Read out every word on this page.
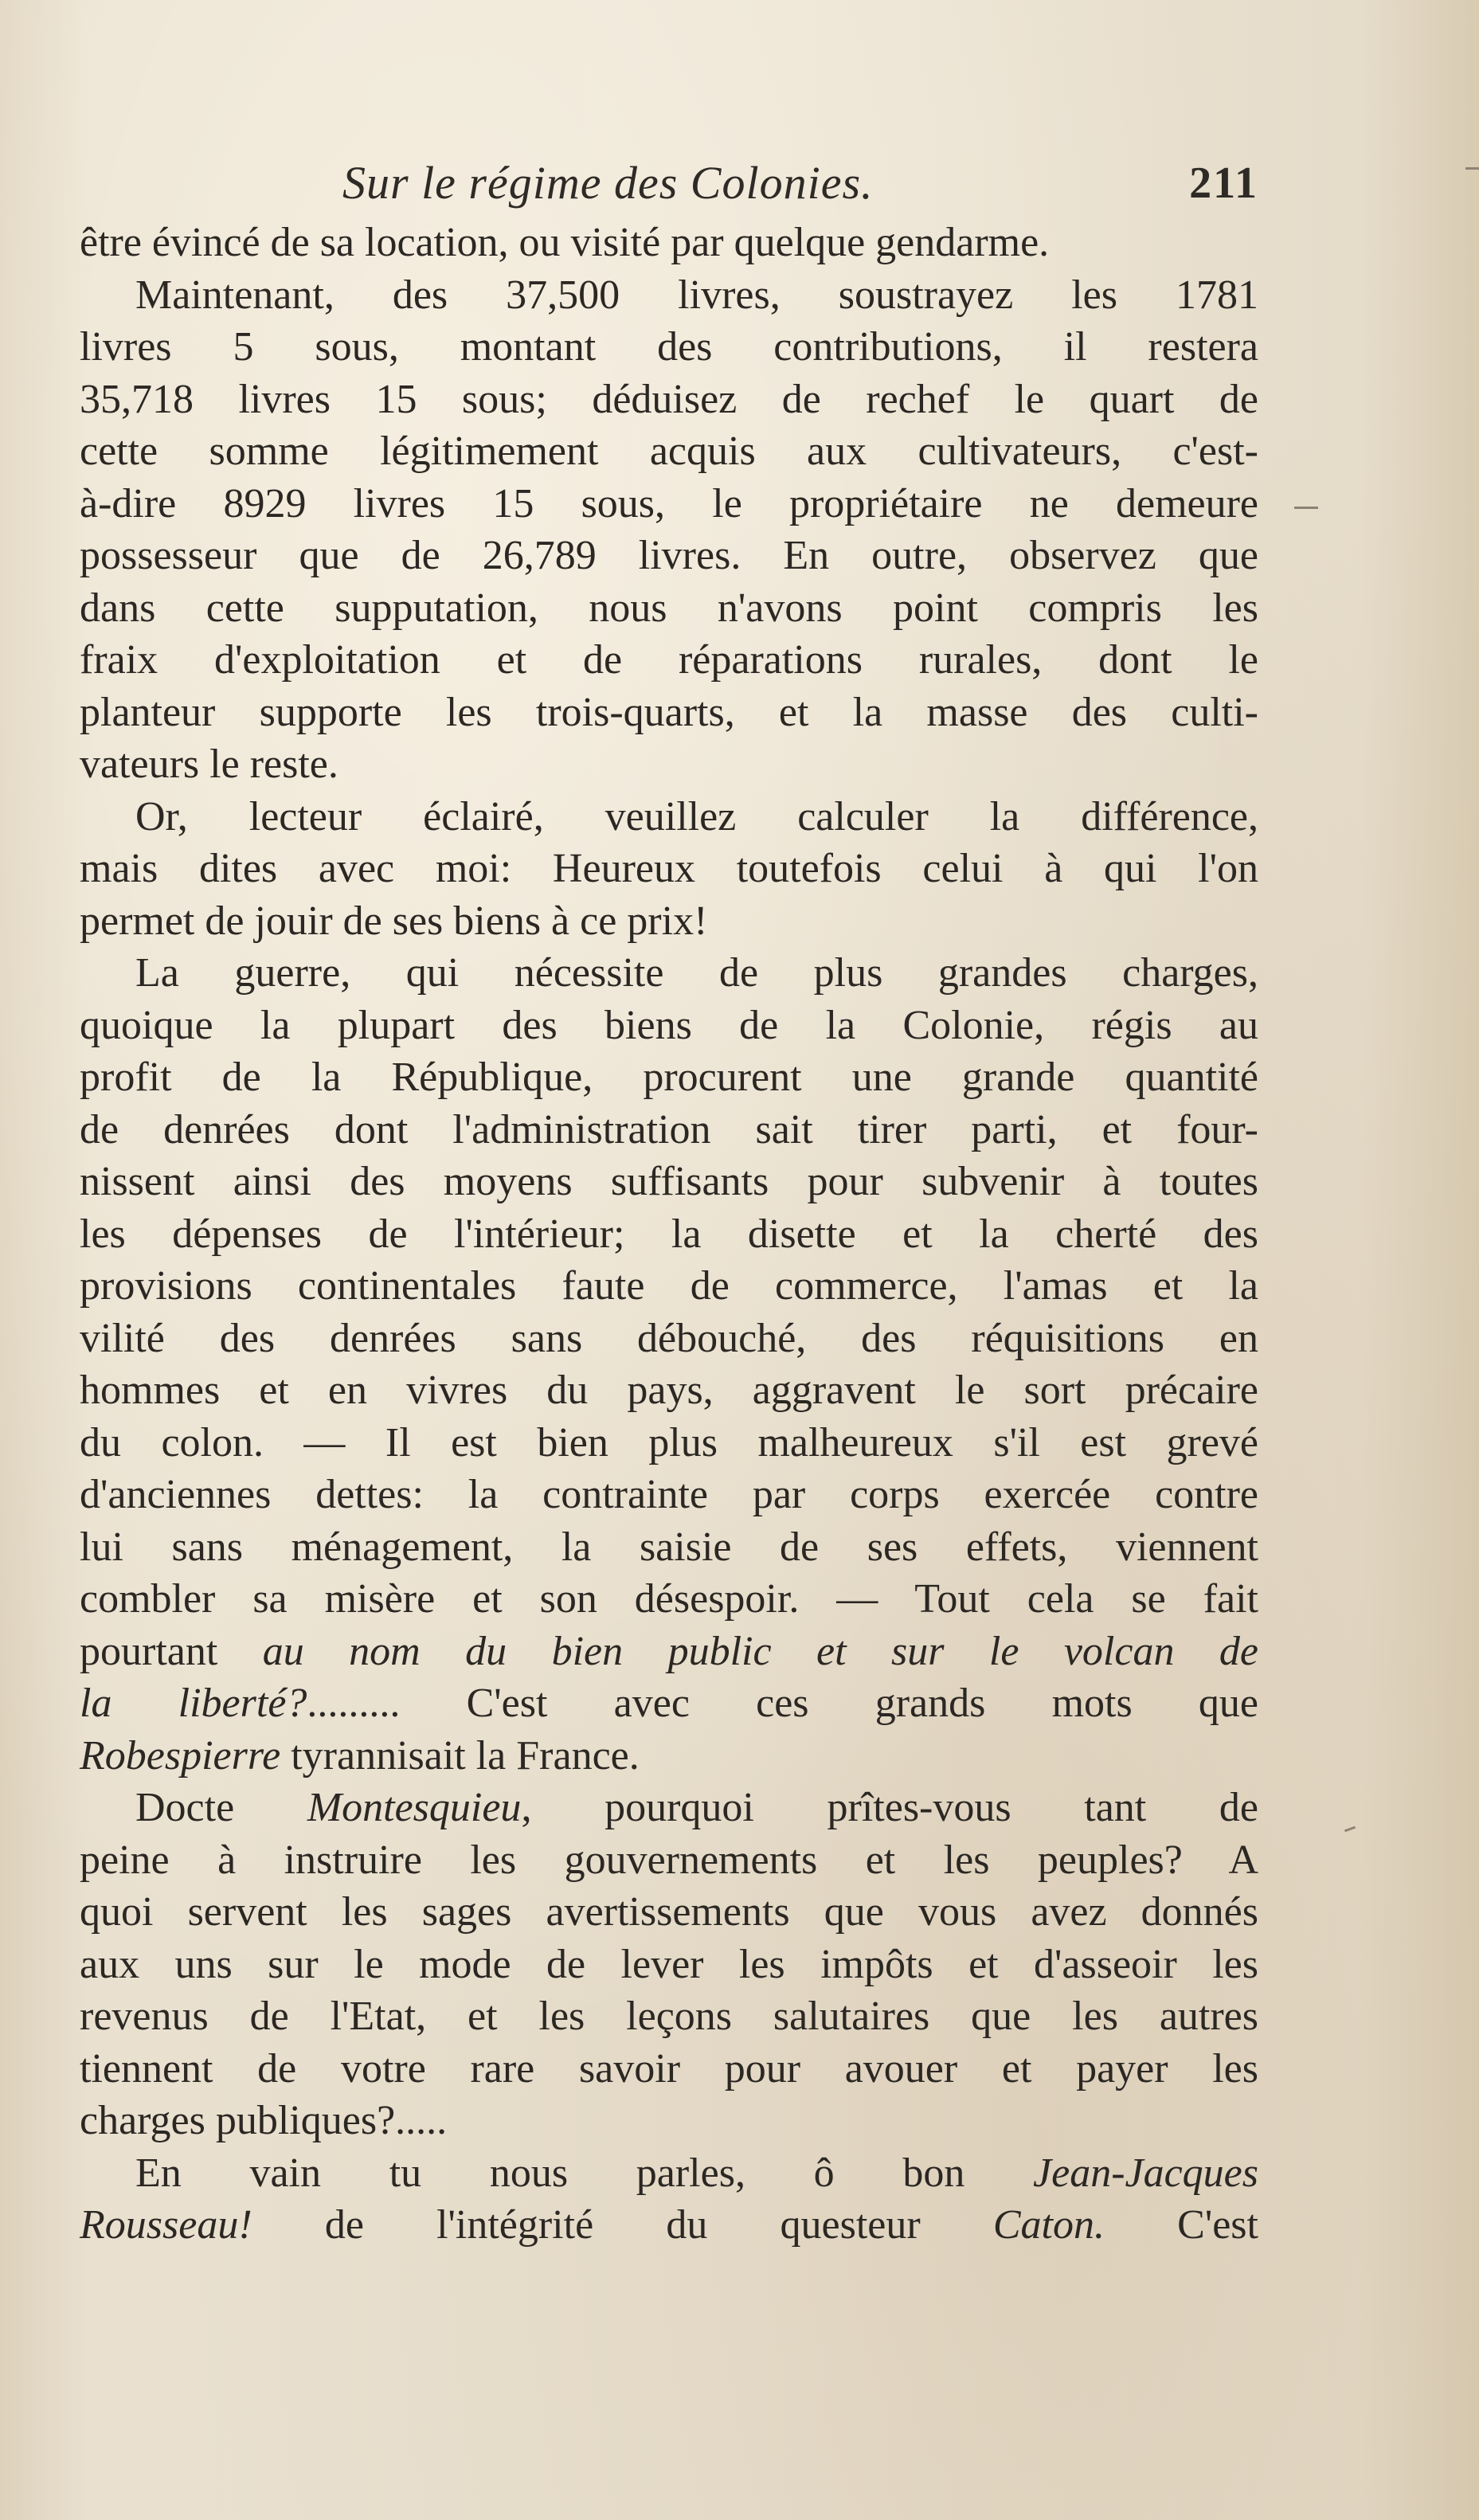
Sur le régime des Colonies.	211
être évincé de sa location, ou visité par quelque gendarme.
Maintenant, des 37,500 livres, soustrayez les 1781
livres 5 sous, montant des contributions, il restera
35,718 livres 15 sous; déduisez de rechef le quart de
cette somme légitimement acquis aux cultivateurs, c'est-
à-dire 8929 livres 15 sous, le propriétaire ne demeure
possesseur que de 26,789 livres. En outre, observez que
dans cette supputation, nous n'avons point compris les
fraix d'exploitation et de réparations rurales, dont le
planteur supporte les trois-quarts, et la masse des culti-
vateurs le reste.
Or, lecteur éclairé, veuillez calculer la différence,
mais dites avec moi: Heureux toutefois celui à qui l'on
permet de jouir de ses biens à ce prix!
La guerre, qui nécessite de plus grandes charges,
quoique la plupart des biens de la Colonie, régis au
profit de la République, procurent une grande quantité
de denrées dont l'administration sait tirer parti, et four-
nissent ainsi des moyens suffisants pour subvenir à toutes
les dépenses de l'intérieur; la disette et la cherté des
provisions continentales faute de commerce, l'amas et la
vilité des denrées sans débouché, des réquisitions en
hommes et en vivres du pays, aggravent le sort précaire
du colon. — Il est bien plus malheureux s'il est grevé
d'anciennes dettes: la contrainte par corps exercée contre
lui sans ménagement, la saisie de ses effets, viennent
combler sa misère et son désespoir. — Tout cela se fait
pourtant au nom du bien public et sur le volcan de
la liberté?......... C'est avec ces grands mots que
Robespierre tyrannisait la France.
Docte Montesquieu, pourquoi prîtes-vous tant de
peine à instruire les gouvernements et les peuples? A
quoi servent les sages avertissements que vous avez donnés
aux uns sur le mode de lever les impôts et d'asseoir les
revenus de l'Etat, et les leçons salutaires que les autres
tiennent de votre rare savoir pour avouer et payer les
charges publiques?.....
En vain tu nous parles, ô bon Jean-Jacques
Rousseau! de l'intégrité du questeur Caton. C'est
